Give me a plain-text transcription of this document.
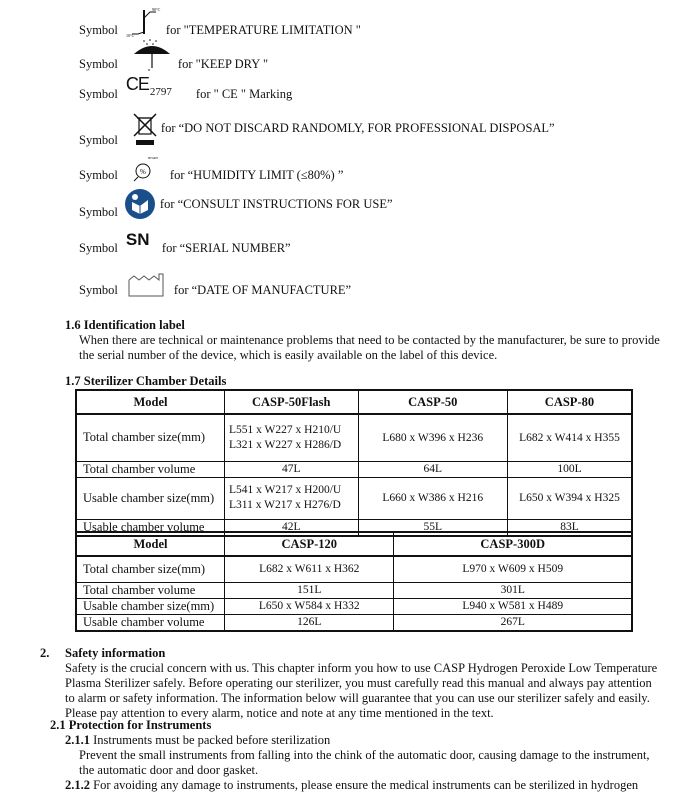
Symbol
90°C
10°C	for "TEMPERATURE LIMITATION "
Symbol	for "KEEP DRY "
Symbol CE 2797 for " CE " Marking
Symbol
for “DO NOT DISCARD RANDOMLY, FOR PROFESSIONAL DISPOSAL”
Symbol	%
80%RH
for “HUMIDITY LIMIT (≤80%) ”
Symbol
for “CONSULT INSTRUCTIONS FOR USE”
Symbol SN for “SERIAL NUMBER”
Symbol	for “DATE OF MANUFACTURE”
1.6 Identification label
When there are technical or maintenance problems that need to be contacted by the manufacturer, be sure to provide
the serial number of the device, which is easily available on the label of this device.
1.7 Sterilizer Chamber Details
Model	CASP-50Flash	CASP-50	CASP-80
Total chamber size(mm)	L551 x W227 x H210/U
L321 x W227 x H286/D	L680 x W396 x H236	L682 x W414 x H355
Total chamber volume	47L	64L	100L
Usable chamber size(mm)	L541 x W217 x H200/U
L311 x W217 x H276/D	L660 x W386 x H216	L650 x W394 x H325
Usable chamber volume	42L	55L	83L
Model	CASP-120	CASP-300D
Total chamber size(mm)	L682 x W611 x H362	L970 x W609 x H509
Total chamber volume	151L	301L
Usable chamber size(mm)	L650 x W584 x H332	L940 x W581 x H489
Usable chamber volume	126L	267L
2. Safety information
Safety is the crucial concern with us. This chapter inform you how to use CASP Hydrogen Peroxide Low Temperature
Plasma Sterilizer safely. Before operating our sterilizer, you must carefully read this manual and always pay attention
to alarm or safety information. The information below will guarantee that you can use our sterilizer safely and easily.
Please pay attention to every alarm, notice and note at any time mentioned in the text.
2.1 Protection for Instruments
2.1.1 Instruments must be packed before sterilization
Prevent the small instruments from falling into the chink of the automatic door, causing damage to the instrument,
the automatic door and door gasket.
2.1.2 For avoiding any damage to instruments, please ensure the medical instruments can be sterilized in hydrogen
